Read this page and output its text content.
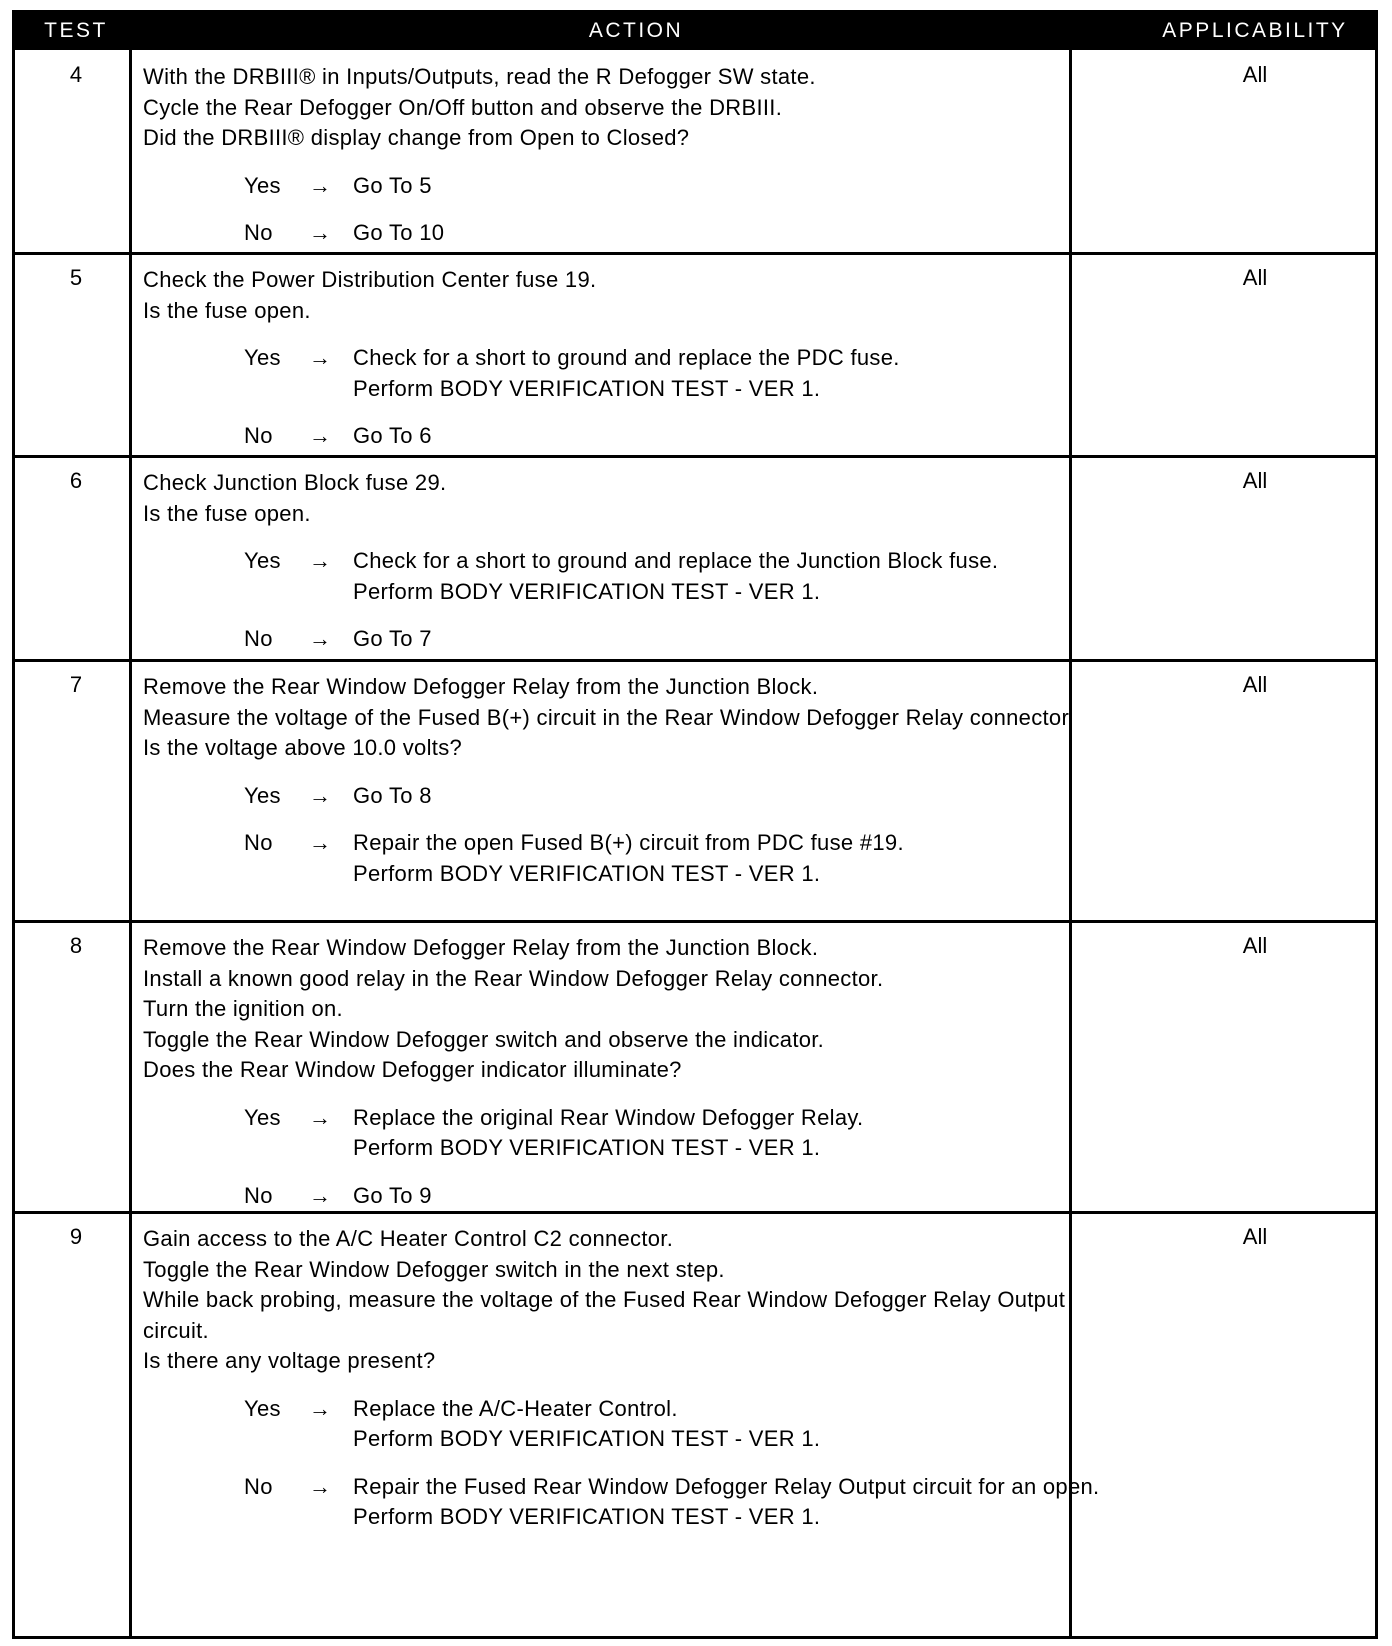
TEST	ACTION	APPLICABILITY
4	With the DRBIII® in Inputs/Outputs, read the R Defogger SW state.
Cycle the Rear Defogger On/Off button and observe the DRBIII.
Did the DRBIII® display change from Open to Closed?
Yes → Go To 5
No → Go To 10
All
5	Check the Power Distribution Center fuse 19.
Is the fuse open.
Yes → Check for a short to ground and replace the PDC fuse.
Perform BODY VERIFICATION TEST - VER 1.
No → Go To 6
All
6	Check Junction Block fuse 29.
Is the fuse open.
Yes → Check for a short to ground and replace the Junction Block fuse.
Perform BODY VERIFICATION TEST - VER 1.
No → Go To 7
All
7	Remove the Rear Window Defogger Relay from the Junction Block.
Measure the voltage of the Fused B(+) circuit in the Rear Window Defogger Relay connector.
Is the voltage above 10.0 volts?
Yes → Go To 8
No → Repair the open Fused B(+) circuit from PDC fuse #19.
Perform BODY VERIFICATION TEST - VER 1.
All
8	Remove the Rear Window Defogger Relay from the Junction Block.
Install a known good relay in the Rear Window Defogger Relay connector.
Turn the ignition on.
Toggle the Rear Window Defogger switch and observe the indicator.
Does the Rear Window Defogger indicator illuminate?
Yes → Replace the original Rear Window Defogger Relay.
Perform BODY VERIFICATION TEST - VER 1.
No → Go To 9
All
9	Gain access to the A/C Heater Control C2 connector.
Toggle the Rear Window Defogger switch in the next step.
While back probing, measure the voltage of the Fused Rear Window Defogger Relay Output circuit.
Is there any voltage present?
Yes → Replace the A/C-Heater Control.
Perform BODY VERIFICATION TEST - VER 1.
No → Repair the Fused Rear Window Defogger Relay Output circuit for an open.
Perform BODY VERIFICATION TEST - VER 1.
All
